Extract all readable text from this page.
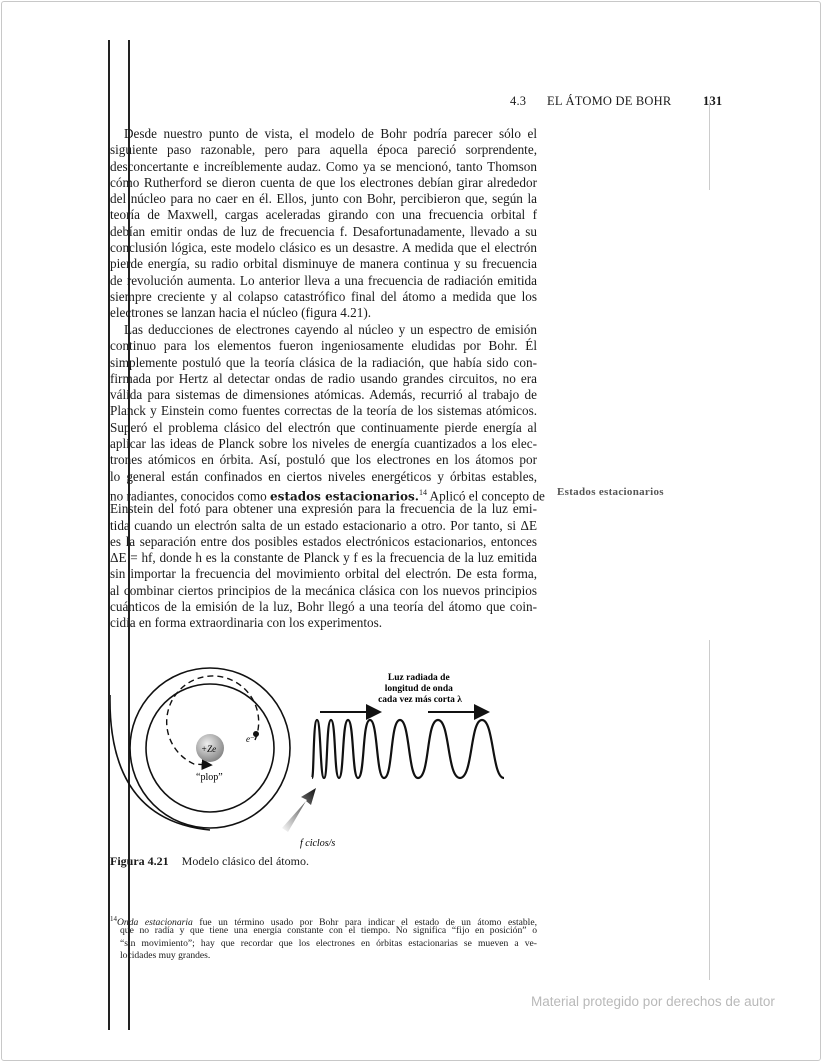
4.3 EL ÁTOMO DE BOHR	131
Desde nuestro punto de vista, el modelo de Bohr podría parecer sólo el
siguiente paso razonable, pero para aquella época pareció sorprendente,
desconcertante e increíblemente audaz. Como ya se mencionó, tanto Thomson
cómo Rutherford se dieron cuenta de que los electrones debían girar alrededor
del núcleo para no caer en él. Ellos, junto con Bohr, percibieron que, según la
teoría de Maxwell, cargas aceleradas girando con una frecuencia orbital f
debían emitir ondas de luz de frecuencia f. Desafortunadamente, llevado a su
conclusión lógica, este modelo clásico es un desastre. A medida que el electrón
pierde energía, su radio orbital disminuye de manera continua y su frecuencia
de revolución aumenta. Lo anterior lleva a una frecuencia de radiación emitida
siempre creciente y al colapso catastrófico final del átomo a medida que los
electrones se lanzan hacia el núcleo (figura 4.21).
Las deducciones de electrones cayendo al núcleo y un espectro de emisión
continuo para los elementos fueron ingeniosamente eludidas por Bohr. Él
simplemente postuló que la teoría clásica de la radiación, que había sido con-
firmada por Hertz al detectar ondas de radio usando grandes circuitos, no era
válida para sistemas de dimensiones atómicas. Además, recurrió al trabajo de
Planck y Einstein como fuentes correctas de la teoría de los sistemas atómicos.
Superó el problema clásico del electrón que continuamente pierde energía al
aplicar las ideas de Planck sobre los niveles de energía cuantizados a los elec-
trones atómicos en órbita. Así, postuló que los electrones en los átomos por
lo general están confinados en ciertos niveles energéticos y órbitas estables,
no radiantes, conocidos como estados estacionarios.$^{14}$ Aplicó el concepto de
Einstein del fotó para obtener una expresión para la frecuencia de la luz emi-
tida cuando un electrón salta de un estado estacionario a otro. Por tanto, si ΔE
es la separación entre dos posibles estados electrónicos estacionarios, entonces
ΔE = hf, donde h es la constante de Planck y f es la frecuencia de la luz emitida
sin importar la frecuencia del movimiento orbital del electrón. De esta forma,
al combinar ciertos principios de la mecánica clásica con los nuevos principios
cuánticos de la emisión de la luz, Bohr llegó a una teoría del átomo que coin-
cidía en forma extraordinaria con los experimentos.
Estados estacionarios
e⁻
+Ze
“plop”
f ciclos/s
Luz radiada de longitud de onda cada vez más corta λ
Figura 4.21 Modelo clásico del átomo.
$^{14}$Onda estacionaria fue un término usado por Bohr para indicar el estado de un átomo estable,
que no radía y que tiene una energía constante con el tiempo. No significa “fijo en posición” o
“sin movimiento”; hay que recordar que los electrones en órbitas estacionarias se mueven a ve-
locidades muy grandes.
Material protegido por derechos de autor
